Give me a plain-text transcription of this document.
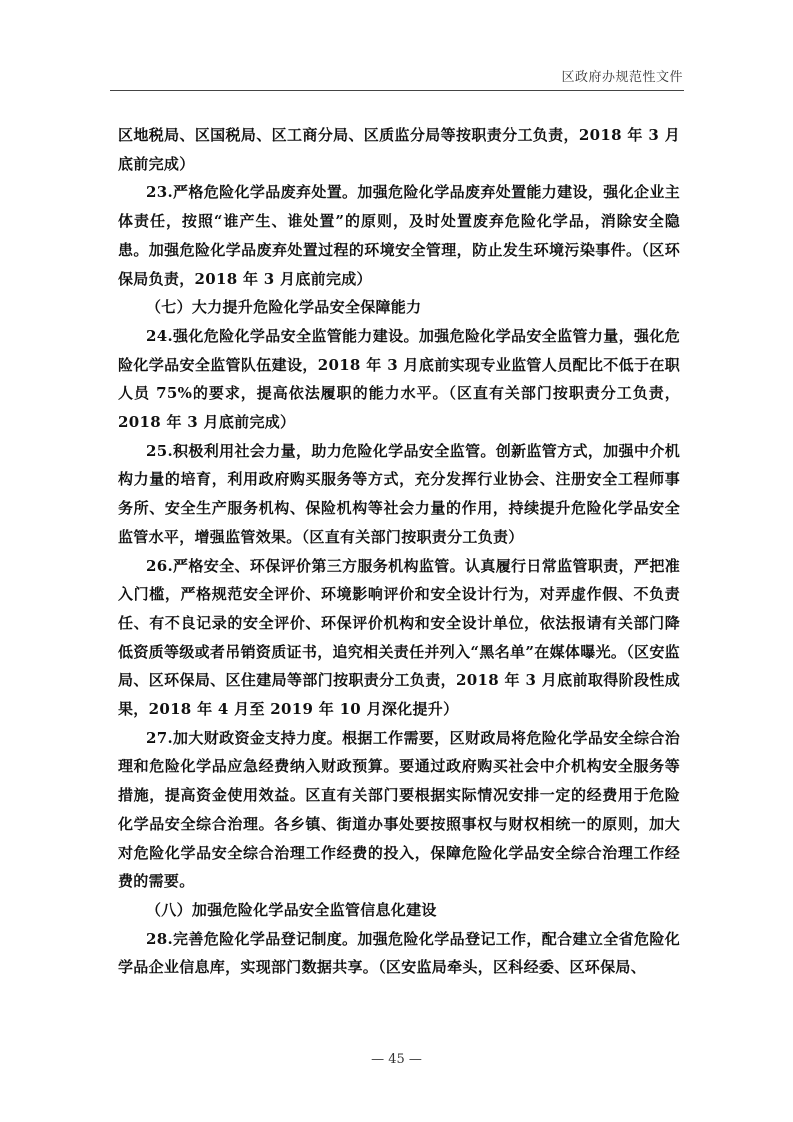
区政府办规范性文件

区地税局、区国税局、区工商分局、区质监分局等按职责分工负责，2018 年 3 月底前完成）

23.严格危险化学品废弃处置。加强危险化学品废弃处置能力建设，强化企业主体责任，按照“谁产生、谁处置”的原则，及时处置废弃危险化学品，消除安全隐患。加强危险化学品废弃处置过程的环境安全管理，防止发生环境污染事件。（区环保局负责，2018 年 3 月底前完成）

（七）大力提升危险化学品安全保障能力

24.强化危险化学品安全监管能力建设。加强危险化学品安全监管力量，强化危险化学品安全监管队伍建设，2018 年 3 月底前实现专业监管人员配比不低于在职人员 75%的要求，提高依法履职的能力水平。（区直有关部门按职责分工负责，2018 年 3 月底前完成）

25.积极利用社会力量，助力危险化学品安全监管。创新监管方式，加强中介机构力量的培育，利用政府购买服务等方式，充分发挥行业协会、注册安全工程师事务所、安全生产服务机构、保险机构等社会力量的作用，持续提升危险化学品安全监管水平，增强监管效果。（区直有关部门按职责分工负责）

26.严格安全、环保评价第三方服务机构监管。认真履行日常监管职责，严把准入门槛，严格规范安全评价、环境影响评价和安全设计行为，对弄虚作假、不负责任、有不良记录的安全评价、环保评价机构和安全设计单位，依法报请有关部门降低资质等级或者吊销资质证书，追究相关责任并列入“黑名单”在媒体曝光。（区安监局、区环保局、区住建局等部门按职责分工负责，2018 年 3 月底前取得阶段性成果，2018 年 4 月至 2019 年 10 月深化提升）

27.加大财政资金支持力度。根据工作需要，区财政局将危险化学品安全综合治理和危险化学品应急经费纳入财政预算。要通过政府购买社会中介机构安全服务等措施，提高资金使用效益。区直有关部门要根据实际情况安排一定的经费用于危险化学品安全综合治理。各乡镇、街道办事处要按照事权与财权相统一的原则，加大对危险化学品安全综合治理工作经费的投入，保障危险化学品安全综合治理工作经费的需要。

（八）加强危险化学品安全监管信息化建设

28.完善危险化学品登记制度。加强危险化学品登记工作，配合建立全省危险化学品企业信息库，实现部门数据共享。（区安监局牵头，区科经委、区环保局、

— 45 —
